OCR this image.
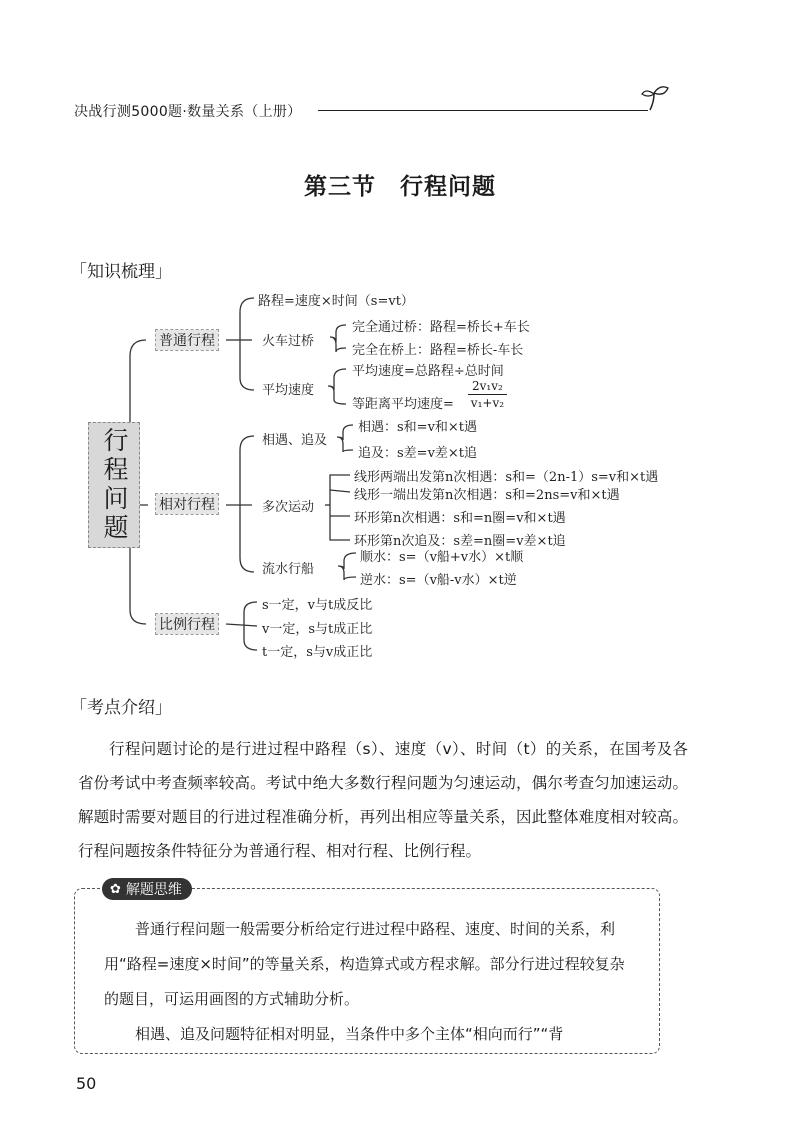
决战行测5000题·数量关系（上册）
第三节　行程问题
「知识梳理」
行程问题
普通行程
路程=速度×时间（s=vt）
火车过桥
完全通过桥：路程=桥长+车长
完全在桥上：路程=桥长-车长
平均速度
平均速度=总路程÷总时间
等距离平均速度= $\frac{\text{2v₁v₂}}{\text{v₁+v₂}}$
相对行程
相遇、追及
相遇：s和=v和×t遇
追及：s差=v差×t追
多次运动
线形两端出发第n次相遇：s和=（2n-1）s=v和×t遇
线形一端出发第n次相遇：s和=2ns=v和×t遇
环形第n次相遇：s和=n圈=v和×t遇
环形第n次追及：s差=n圈=v差×t追
流水行船
顺水：s=（v船+v水）×t顺
逆水：s=（v船-v水）×t逆
比例行程
s一定，v与t成反比
v一定，s与t成正比
t一定，s与v成正比
「考点介绍」

行程问题讨论的是行进过程中路程（s）、速度（v）、时间（t）的关系，在国考及各省份考试中考查频率较高。考试中绝大多数行程问题为匀速运动，偶尔考查匀加速运动。解题时需要对题目的行进过程准确分析，再列出相应等量关系，因此整体难度相对较高。行程问题按条件特征分为普通行程、相对行程、比例行程。

✿ 解题思维

普通行程问题一般需要分析给定行进过程中路程、速度、时间的关系，利用“路程=速度×时间”的等量关系，构造算式或方程求解。部分行进过程较复杂的题目，可运用画图的方式辅助分析。

相遇、追及问题特征相对明显，当条件中多个主体“相向而行”“背

50
